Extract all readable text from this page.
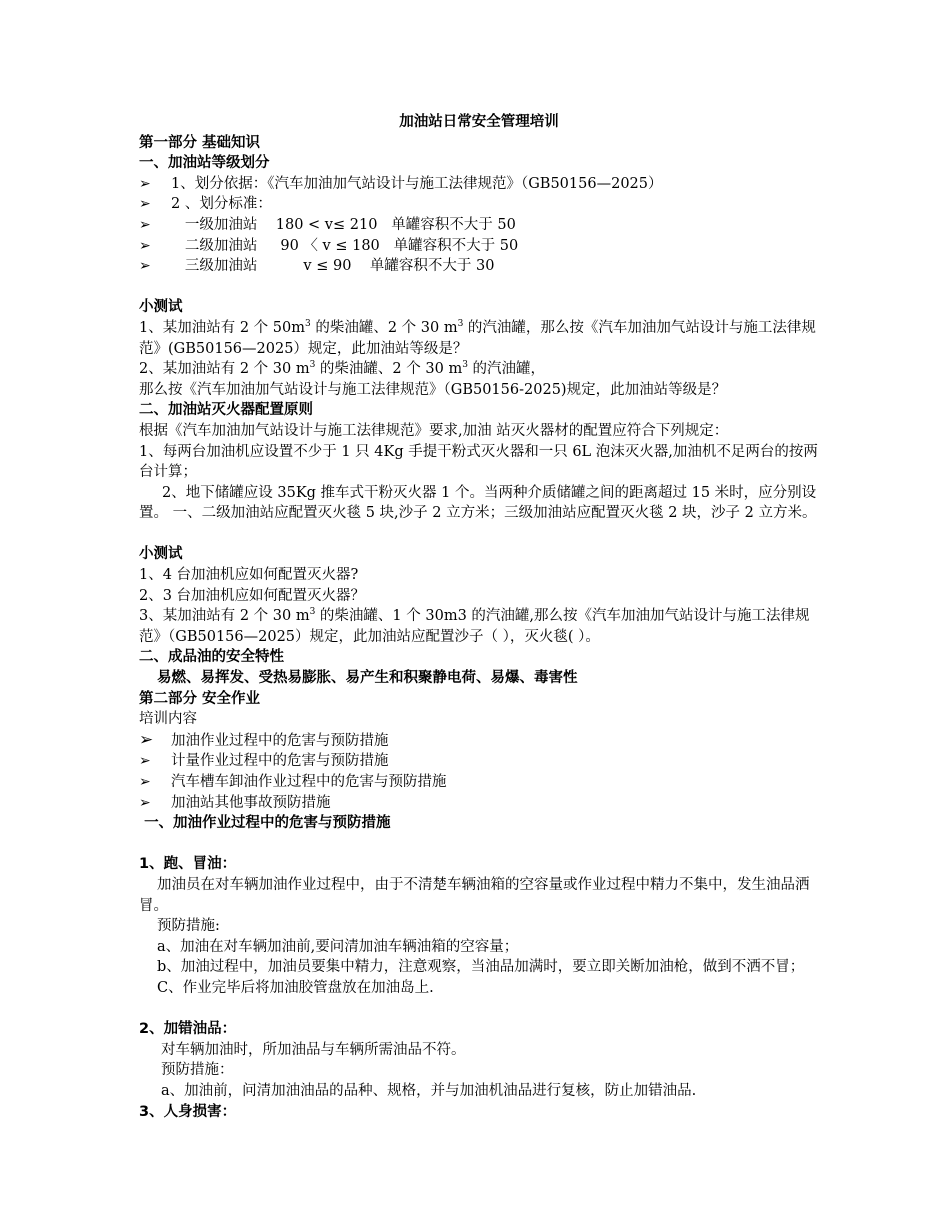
加油站日常安全管理培训
第一部分 基础知识
一、加油站等级划分
➢	1、划分依据：《汽车加油加气站设计与施工法律规范》（GB50156—2025）
➢	2 、划分标准：
➢	一级加油站    180 < v≤ 210   单罐容积不大于 50
➢	二级加油站     90 〈 v ≤ 180   单罐容积不大于 50
➢	三级加油站          v ≤ 90    单罐容积不大于 30
小测试
1、某加油站有 2 个 $50m^3$ 的柴油罐、2 个 30 $m^3$ 的汽油罐，那么按《汽车加油加气站设计与施工法律规范》(GB50156—2025）规定，此加油站等级是？
2、某加油站有 2 个 30 $m^3$ 的柴油罐、2 个 30 $m^3$ 的汽油罐，
那么按《汽车加油加气站设计与施工法律规范》（GB50156-2025)规定，此加油站等级是？
二、加油站灭火器配置原则
根据《汽车加油加气站设计与施工法律规范》要求,加油 站灭火器材的配置应符合下列规定：
1、每两台加油机应设置不少于 1 只 4Kg 手提干粉式灭火器和一只 6L 泡沫灭火器,加油机不足两台的按两台计算；
2、地下储罐应设 35Kg 推车式干粉灭火器 1 个。当两种介质储罐之间的距离超过 15 米时，应分别设置。 一、二级加油站应配置灭火毯 5 块,沙子 2 立方米；三级加油站应配置灭火毯 2 块，沙子 2 立方米。
小测试
1、4 台加油机应如何配置灭火器?
2、3 台加油机应如何配置灭火器？
3、某加油站有 2 个 30 $m^3$ 的柴油罐、1 个 30m3 的汽油罐,那么按《汽车加油加气站设计与施工法律规范》（GB50156—2025）规定，此加油站应配置沙子（ ），灭火毯( ）。
二、成品油的安全特性
易燃、易挥发、受热易膨胀、易产生和积聚静电荷、易爆、毒害性
第二部分 安全作业
培训内容
➢	加油作业过程中的危害与预防措施
➢	计量作业过程中的危害与预防措施
➢	汽车槽车卸油作业过程中的危害与预防措施
➢	加油站其他事故预防措施
一、加油作业过程中的危害与预防措施
1、跑、冒油：
加油员在对车辆加油作业过程中，由于不清楚车辆油箱的空容量或作业过程中精力不集中，发生油品洒冒。
预防措施:
a、加油在对车辆加油前,要问清加油车辆油箱的空容量；
b、加油过程中，加油员要集中精力，注意观察，当油品加满时，要立即关断加油枪，做到不洒不冒；
C、作业完毕后将加油胶管盘放在加油岛上.
2、加错油品：
对车辆加油时，所加油品与车辆所需油品不符。
预防措施：
a、加油前，问清加油油品的品种、规格，并与加油机油品进行复核，防止加错油品.
3、人身损害：
